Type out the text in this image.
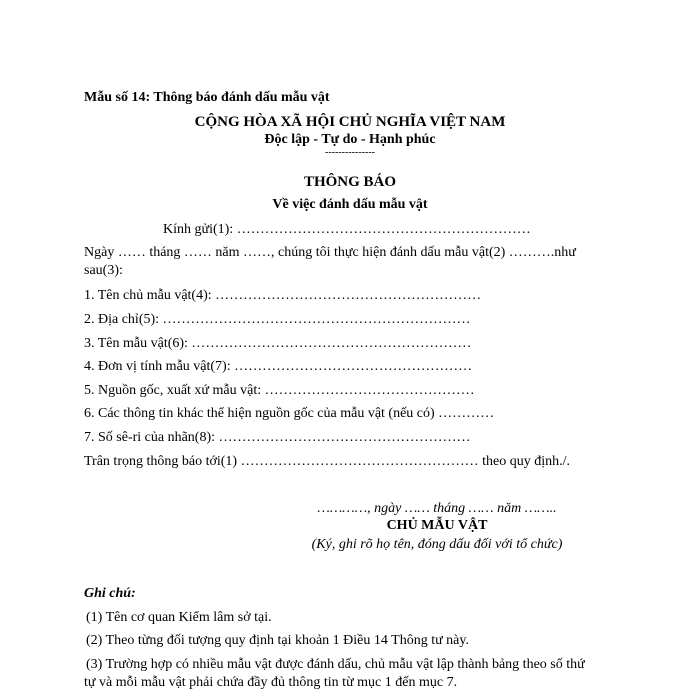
Mẫu số 14: Thông báo đánh dấu mẫu vật
CỘNG HÒA XÃ HỘI CHỦ NGHĨA VIỆT NAM
Độc lập - Tự do - Hạnh phúc
---------------
THÔNG BÁO
Về việc đánh dấu mẫu vật
Kính gửi(1): ………………………………………………………
Ngày …… tháng …… năm ……, chúng tôi thực hiện đánh dấu mẫu vật(2) ……….như
sau(3):
1. Tên chủ mẫu vật(4): …………………………………………………
2. Địa chỉ(5): …………………………………………………………
3. Tên mẫu vật(6): ……………………………………………………
4. Đơn vị tính mẫu vật(7): ……………………………………………
5. Nguồn gốc, xuất xứ mẫu vật: ………………………………………
6. Các thông tin khác thể hiện nguồn gốc của mẫu vật (nếu có) …………
7. Số sê-ri của nhãn(8): ………………………………………………
Trân trọng thông báo tới(1) …………………………………………… theo quy định./.
…………, ngày …… tháng …… năm ……..
CHỦ MẪU VẬT
(Ký, ghi rõ họ tên, đóng dấu đối với tổ chức)
Ghi chú:
(1) Tên cơ quan Kiểm lâm sở tại.
(2) Theo từng đối tượng quy định tại khoản 1 Điều 14 Thông tư này.
(3) Trường hợp có nhiều mẫu vật được đánh dấu, chủ mẫu vật lập thành bảng theo số thứ
tự và mỗi mẫu vật phải chứa đầy đủ thông tin từ mục 1 đến mục 7.
